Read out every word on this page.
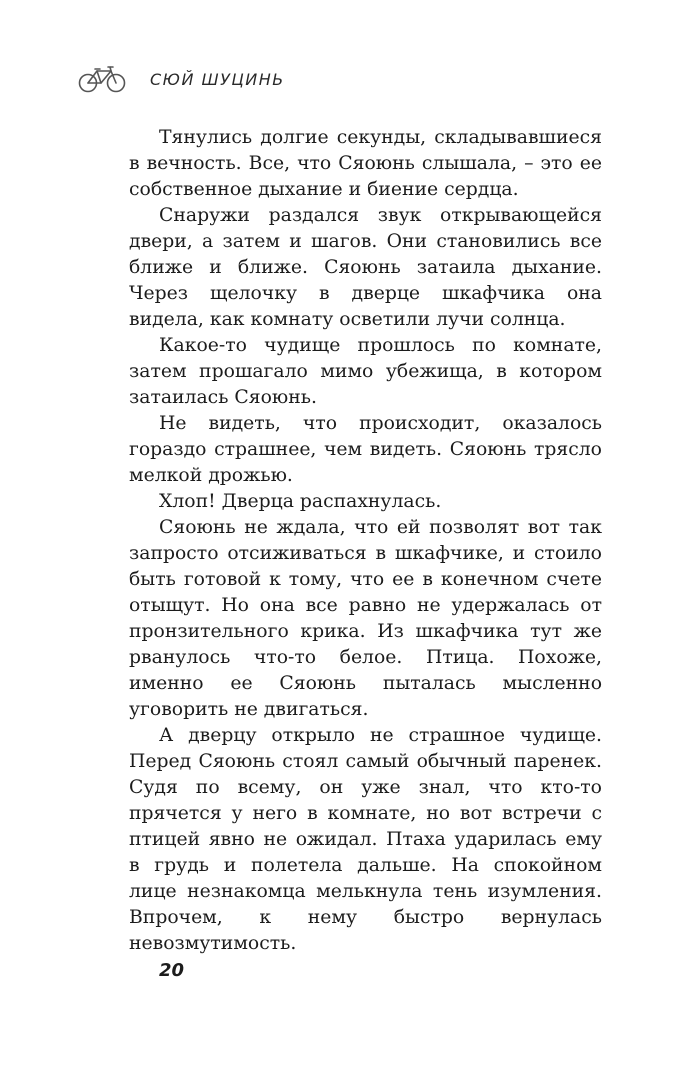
СЮЙ ШУЦИНЬ

Тянулись долгие секунды, складывавшиеся в вечность. Все, что Сяоюнь слышала, – это ее собственное дыхание и биение сердца.

Снаружи раздался звук открывающейся двери, а затем и шагов. Они становились все ближе и ближе. Сяоюнь затаила дыхание. Через щелочку в дверце шкафчика она видела, как комнату осветили лучи солнца.

Какое-то чудище прошлось по комнате, затем прошагало мимо убежища, в котором затаилась Сяоюнь.

Не видеть, что происходит, оказалось гораздо страшнее, чем видеть. Сяоюнь трясло мелкой дрожью.

Хлоп! Дверца распахнулась.

Сяоюнь не ждала, что ей позволят вот так запросто отсиживаться в шкафчике, и стоило быть готовой к тому, что ее в конечном счете отыщут. Но она все равно не удержалась от пронзительного крика. Из шкафчика тут же рванулось что-то белое. Птица. Похоже, именно ее Сяоюнь пыталась мысленно уговорить не двигаться.

А дверцу открыло не страшное чудище. Перед Сяоюнь стоял самый обычный паренек. Судя по всему, он уже знал, что кто-то прячется у него в комнате, но вот встречи с птицей явно не ожидал. Птаха ударилась ему в грудь и полетела дальше. На спокойном лице незнакомца мелькнула тень изумления. Впрочем, к нему быстро вернулась невозмутимость.

20
